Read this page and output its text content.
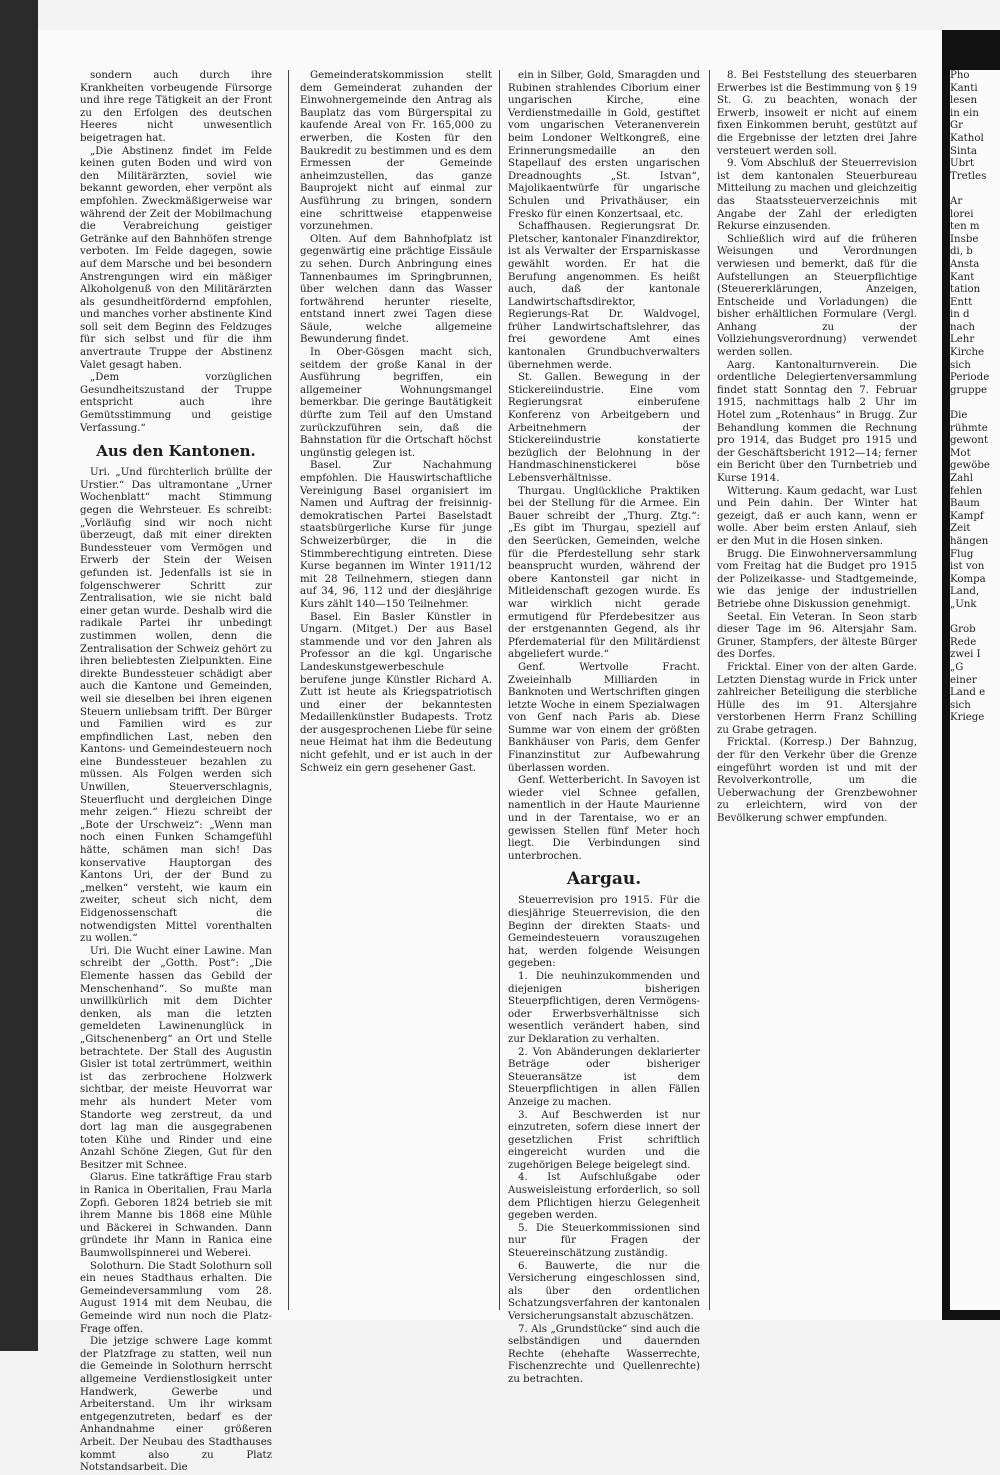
sondern auch durch ihre Krankheiten vorbeugende Fürsorge und ihre rege Tätigkeit an der Front zu den Erfolgen des deutschen Heeres nicht unwesentlich beigetragen hat.

„Die Abstinenz findet im Felde keinen guten Boden und wird von den Militärärzten, soviel wie bekannt geworden, eher verpönt als empfohlen. Zweckmäßigerweise war während der Zeit der Mobilmachung die Verabreichung geistiger Getränke auf den Bahnhöfen strenge verboten. Im Felde dagegen, sowie auf dem Marsche und bei besondern Anstrengungen wird ein mäßiger Alkoholgenuß von den Militärärzten als gesundheitfördernd empfohlen, und manches vorher abstinente Kind soll seit dem Beginn des Feldzuges für sich selbst und für die ihm anvertraute Truppe der Abstinenz Valet gesagt haben.

„Dem vorzüglichen Gesundheitszustand der Truppe entspricht auch ihre Gemütsstimmung und geistige Verfassung.“

Aus den Kantonen.

Uri. „Und fürchterlich brüllte der Urstier.“ Das ultramontane „Urner Wochenblatt“ macht Stimmung gegen die Wehrsteuer. Es schreibt: „Vorläufig sind wir noch nicht überzeugt, daß mit einer direkten Bundessteuer vom Vermögen und Erwerb der Stein der Weisen gefunden ist. Jedenfalls ist sie in folgenschwerer Schritt zur Zentralisation, wie sie nicht bald einer getan wurde. Deshalb wird die radikale Partei ihr unbedingt zustimmen wollen, denn die Zentralisation der Schweiz gehört zu ihren beliebtesten Zielpunkten. Eine direkte Bundessteuer schädigt aber auch die Kantone und Gemeinden, weil sie dieselben bei ihren eigenen Steuern unliebsam trifft. Der Bürger und Familien wird es zur empfindlichen Last, neben den Kantons- und Gemeindesteuern noch eine Bundessteuer bezahlen zu müssen. Als Folgen werden sich Unwillen, Steuerverschlagnis, Steuerflucht und dergleichen Dinge mehr zeigen.“ Hiezu schreibt der „Bote der Urschweiz“: „Wenn man noch einen Funken Schamgefühl hätte, schämen man sich! Das konservative Hauptorgan des Kantons Uri, der der Bund zu „melken“ versteht, wie kaum ein zweiter, scheut sich nicht, dem Eidgenossenschaft die notwendigsten Mittel vorenthalten zu wollen.“

Uri. Die Wucht einer Lawine. Man schreibt der „Gotth. Post“: „Die Elemente hassen das Gebild der Menschenhand“. So mußte man unwillkürlich mit dem Dichter denken, als man die letzten gemeldeten Lawinenunglück in „Gitschenenberg“ an Ort und Stelle betrachtete. Der Stall des Augustin Gisler ist total zertrümmert, weithin ist das zerbrochene Holzwerk sichtbar, der meiste Heuvorrat war mehr als hundert Meter vom Standorte weg zerstreut, da und dort lag man die ausgegrabenen toten Kühe und Rinder und eine Anzahl Schöne Ziegen, Gut für den Besitzer mit Schnee.

Glarus. Eine tatkräftige Frau starb in Ranica in Oberitalien, Frau Marla Zopfi. Geboren 1824 betrieb sie mit ihrem Manne bis 1868 eine Mühle und Bäckerei in Schwanden. Dann gründete ihr Mann in Ranica eine Baumwollspinnerei und Weberei.

Solothurn. Die Stadt Solothurn soll ein neues Stadthaus erhalten. Die Gemeindeversammlung vom 28. August 1914 mit dem Neubau, die Gemeinde wird nun noch die Platz-Frage offen.

Die jetzige schwere Lage kommt der Platzfrage zu statten, weil nun die Gemeinde in Solothurn herrscht allgemeine Verdienstlosigkeit unter Handwerk, Gewerbe und Arbeiterstand. Um ihr wirksam entgegenzutreten, bedarf es der Anhandnahme einer größeren Arbeit. Der Neubau des Stadthauses kommt also zu Platz Notstandsarbeit. Die

Gemeinderatskommission stellt dem Gemeinderat zuhanden der Einwohnergemeinde den Antrag als Bauplatz das vom Bürgerspital zu kaufende Areal von Fr. 165,000 zu erwerben, die Kosten für den Baukredit zu bestimmen und es dem Ermessen der Gemeinde anheimzustellen, das ganze Bauprojekt nicht auf einmal zur Ausführung zu bringen, sondern eine schrittweise etappenweise vorzunehmen.

Olten. Auf dem Bahnhofplatz ist gegenwärtig eine prächtige Eissäule zu sehen. Durch Anbringung eines Tannenbaumes im Springbrunnen, über welchen dann das Wasser fortwährend herunter rieselte, entstand innert zwei Tagen diese Säule, welche allgemeine Bewunderung findet.

In Ober-Gösgen macht sich, seitdem der große Kanal in der Ausführung begriffen, ein allgemeiner Wohnungsmangel bemerkbar. Die geringe Bautätigkeit dürfte zum Teil auf den Umstand zurückzuführen sein, daß die Bahnstation für die Ortschaft höchst ungünstig gelegen ist.

Basel. Zur Nachahmung empfohlen. Die Hauswirtschaftliche Vereinigung Basel organisiert im Namen und Auftrag der freisinnig-demokratischen Partei Baselstadt staatsbürgerliche Kurse für junge Schweizerbürger, die in die Stimmberechtigung eintreten. Diese Kurse begannen im Winter 1911/12 mit 28 Teilnehmern, stiegen dann auf 34, 96, 112 und der diesjährige Kurs zählt 140—150 Teilnehmer.

Basel. Ein Basler Künstler in Ungarn. (Mitget.) Der aus Basel stammende und vor den Jahren als Professor an die kgl. Ungarische Landeskunstgewerbeschule berufene junge Künstler Richard A. Zutt ist heute als Kriegspatriotisch und einer der bekanntesten Medaillenkünstler Budapests. Trotz der ausgesprochenen Liebe für seine neue Heimat hat ihm die Bedeutung nicht gefehlt, und er ist auch in der Schweiz ein gern gesehener Gast.

ein in Silber, Gold, Smaragden und Rubinen strahlendes Ciborium einer ungarischen Kirche, eine Verdienstmedaille in Gold, gestiftet vom ungarischen Veteranenverein beim Londoner Weltkongreß, eine Erinnerungsmedaille an den Stapellauf des ersten ungarischen Dreadnoughts „St. Istvan“, Majolikaentwürfe für ungarische Schulen und Privathäuser, ein Fresko für einen Konzertsaal, etc.

Schaffhausen. Regierungsrat Dr. Pletscher, kantonaler Finanzdirektor, ist als Verwalter der Ersparniskasse gewählt worden. Er hat die Berufung angenommen. Es heißt auch, daß der kantonale Landwirtschaftsdirektor, Regierungs-Rat Dr. Waldvogel, früher Landwirtschaftslehrer, das frei gewordene Amt eines kantonalen Grundbuchverwalters übernehmen werde.

St. Gallen. Bewegung in der Stickereiindustrie. Eine vom Regierungsrat einberufene Konferenz von Arbeitgebern und Arbeitnehmern der Stickereiindustrie konstatierte bezüglich der Belohnung in der Handmaschinenstickerei böse Lebensverhältnisse.

Thurgau. Unglückliche Praktiken bei der Stellung für die Armee. Ein Bauer schreibt der „Thurg. Ztg.“: „Es gibt im Thurgau, speziell auf den Seerücken, Gemeinden, welche für die Pferdestellung sehr stark beansprucht wurden, während der obere Kantonsteil gar nicht in Mitleidenschaft gezogen wurde. Es war wirklich nicht gerade ermutigend für Pferdebesitzer aus der erstgenannten Gegend, als ihr Pferdematerial für den Militärdienst abgeliefert wurde.“

Genf. Wertvolle Fracht. Zweieinhalb Milliarden in Banknoten und Wertschriften gingen letzte Woche in einem Spezialwagen von Genf nach Paris ab. Diese Summe war von einem der größten Bankhäuser von Paris, dem Genfer Finanzinstitut zur Aufbewahrung überlassen worden.

Genf. Wetterbericht. In Savoyen ist wieder viel Schnee gefallen, namentlich in der Haute Maurienne und in der Tarentaise, wo er an gewissen Stellen fünf Meter hoch liegt. Die Verbindungen sind unterbrochen.

Aargau.

Steuerrevision pro 1915. Für die diesjährige Steuerrevision, die den Beginn der direkten Staats- und Gemeindesteuern vorauszugehen hat, werden folgende Weisungen gegeben:

1. Die neuhinzukommenden und diejenigen bisherigen Steuerpflichtigen, deren Vermögens- oder Erwerbsverhältnisse sich wesentlich verändert haben, sind zur Deklaration zu verhalten.

2. Von Abänderungen deklarierter Beträge oder bisheriger Steueransätze ist dem Steuerpflichtigen in allen Fällen Anzeige zu machen.

3. Auf Beschwerden ist nur einzutreten, sofern diese innert der gesetzlichen Frist schriftlich eingereicht wurden und die zugehörigen Belege beigelegt sind.

4. Ist Aufschlußgabe oder Ausweisleistung erforderlich, so soll dem Pflichtigen hierzu Gelegenheit gegeben werden.

5. Die Steuerkommissionen sind nur für Fragen der Steuereinschätzung zuständig.

6. Bauwerte, die nur die Versicherung eingeschlossen sind, als über den ordentlichen Schatzungsverfahren der kantonalen Versicherungsanstalt abzuschätzen.

7. Als „Grundstücke“ sind auch die selbständigen und dauernden Rechte (ehehafte Wasserrechte, Fischenzrechte und Quellenrechte) zu betrachten.

8. Bei Feststellung des steuerbaren Erwerbes ist die Bestimmung von § 19 St. G. zu beachten, wonach der Erwerb, insoweit er nicht auf einem fixen Einkommen beruht, gestützt auf die Ergebnisse der letzten drei Jahre versteuert werden soll.

9. Vom Abschluß der Steuerrevision ist dem kantonalen Steuerbureau Mitteilung zu machen und gleichzeitig das Staatssteuerverzeichnis mit Angabe der Zahl der erledigten Rekurse einzusenden.

Schließlich wird auf die früheren Weisungen und Verordnungen verwiesen und bemerkt, daß für die Aufstellungen an Steuerpflichtige (Steuererklärungen, Anzeigen, Entscheide und Vorladungen) die bisher erhältlichen Formulare (Vergl. Anhang zu der Vollziehungsverordnung) verwendet werden sollen.

Aarg. Kantonalturnverein. Die ordentliche Delegiertenversammlung findet statt Sonntag den 7. Februar 1915, nachmittags halb 2 Uhr im Hotel zum „Rotenhaus“ in Brugg. Zur Behandlung kommen die Rechnung pro 1914, das Budget pro 1915 und der Geschäftsbericht 1912—14; ferner ein Bericht über den Turnbetrieb und Kurse 1914.

Witterung. Kaum gedacht, war Lust und Pein dahin. Der Winter hat gezeigt, daß er auch kann, wenn er wolle. Aber beim ersten Anlauf, sieh er den Mut in die Hosen sinken.

Brugg. Die Einwohnerversammlung vom Freitag hat die Budget pro 1915 der Polizeikasse- und Stadtgemeinde, wie das jenige der industriellen Betriebe ohne Diskussion genehmigt.

Seetal. Ein Veteran. In Seon starb dieser Tage im 96. Altersjahr Sam. Gruner, Stampfers, der älteste Bürger des Dorfes.

Fricktal. Einer von der alten Garde. Letzten Dienstag wurde in Frick unter zahlreicher Beteiligung die sterbliche Hülle des im 91. Altersjahre verstorbenen Herrn Franz Schilling zu Grabe getragen.

Fricktal. (Korresp.) Der Bahnzug, der für den Verkehr über die Grenze eingeführt worden ist und mit der Revolverkontrolle, um die Ueberwachung der Grenzbewohner zu erleichtern, wird von der Bevölkerung schwer empfunden.

Pho
Kanti
lesen
in ein
Gr
Kathol
Sinta
Ubrt
Tretles
Ar
lorei
ten m
Insbe
di, b
Ansta
Kant
tation
Entt
in d
nach
Lehr
Kirche
sich
Periode
gruppe
Die
rühmte
gewont
Mot
gewöbe
Zahl
fehlen
Baum
Kampf
Zeit
hängen
Flug
ist von
Kompa
Land,
„Unk
Grob
Rede
zwei I
„G
einer
Land e
sich
Kriege
